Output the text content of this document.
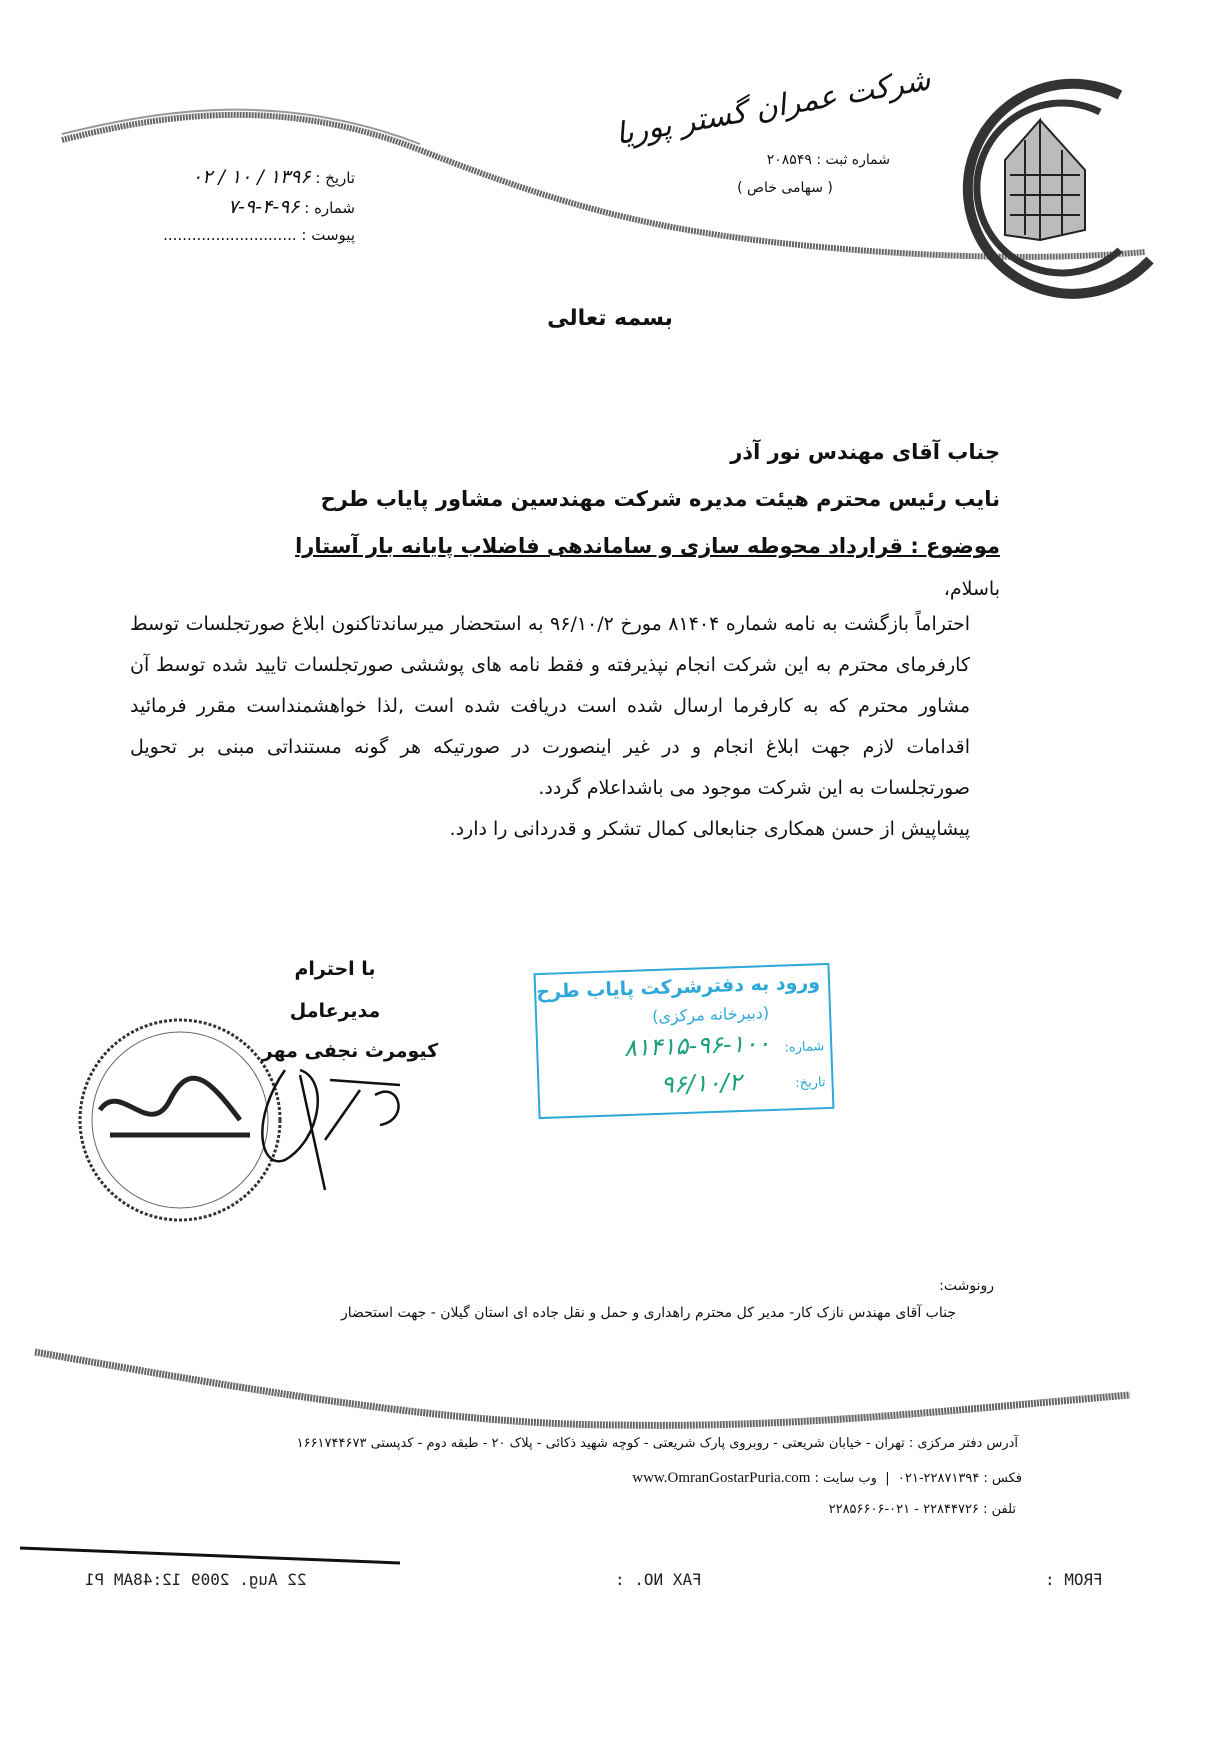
شرکت عمران گستر پوریا
شماره ثبت : ۲۰۸۵۴۹
( سهامی خاص )
تاریخ : ۱۳۹۶ / ۱۰ / ۰۲
شماره : ۹۶-۴-۹-۷
پیوست : ............................
بسمه تعالی
جناب آقای مهندس نور آذر
نایب رئیس محترم هیئت مدیره شرکت مهندسین مشاور پایاب طرح
موضوع : قرارداد محوطه سازی و ساماندهی فاضلاب پایانه بار آستارا
باسلام،
احتراماً بازگشت به نامه شماره ۸۱۴۰۴ مورخ ۹۶/۱۰/۲ به استحضار میرساندتاکنون ابلاغ صورتجلسات توسط کارفرمای محترم به این شرکت انجام نپذیرفته و فقط نامه های پوششی صورتجلسات تایید شده توسط آن مشاور محترم که به کارفرما ارسال شده است دریافت شده است ,لذا خواهشمنداست مقرر فرمائید اقدامات لازم جهت ابلاغ انجام و در غیر اینصورت در صورتیکه هر گونه مستنداتی مبنی بر تحویل صورتجلسات به این شرکت موجود می باشداعلام گردد.
پیشاپیش از حسن همکاری جنابعالی کمال تشکر و قدردانی را دارد.
با احترام
مدیرعامل
کیومرث نجفی مهر
ورود به دفترشرکت پایاب طرح
(دبیرخانه مرکزی)
شماره:
۸۱۴۱۵-۹۶-۱۰۰
تاریخ:
۹۶/۱۰/۲
رونوشت:
جناب آقای مهندس نازک کار- مدیر کل محترم راهداری و حمل و نقل جاده ای استان گیلان - جهت استحضار
آدرس دفتر مرکزی : تهران - خیابان شریعتی - روبروی پارک شریعتی - کوچه شهید ذکائی - پلاک ۲۰ - طبقه دوم - کدپستی ۱۶۶۱۷۴۴۶۷۳
فکس : ۲۲۸۷۱۳۹۴-۰۲۱  |  وب سایت : www.OmranGostarPuria.com
تلفن : ۲۲۸۴۴۷۲۶ - ۰۲۱-۲۲۸۵۶۶۰۶
22 Aug. 2009 12:48AM P1	FAX NO. :	FROM :
